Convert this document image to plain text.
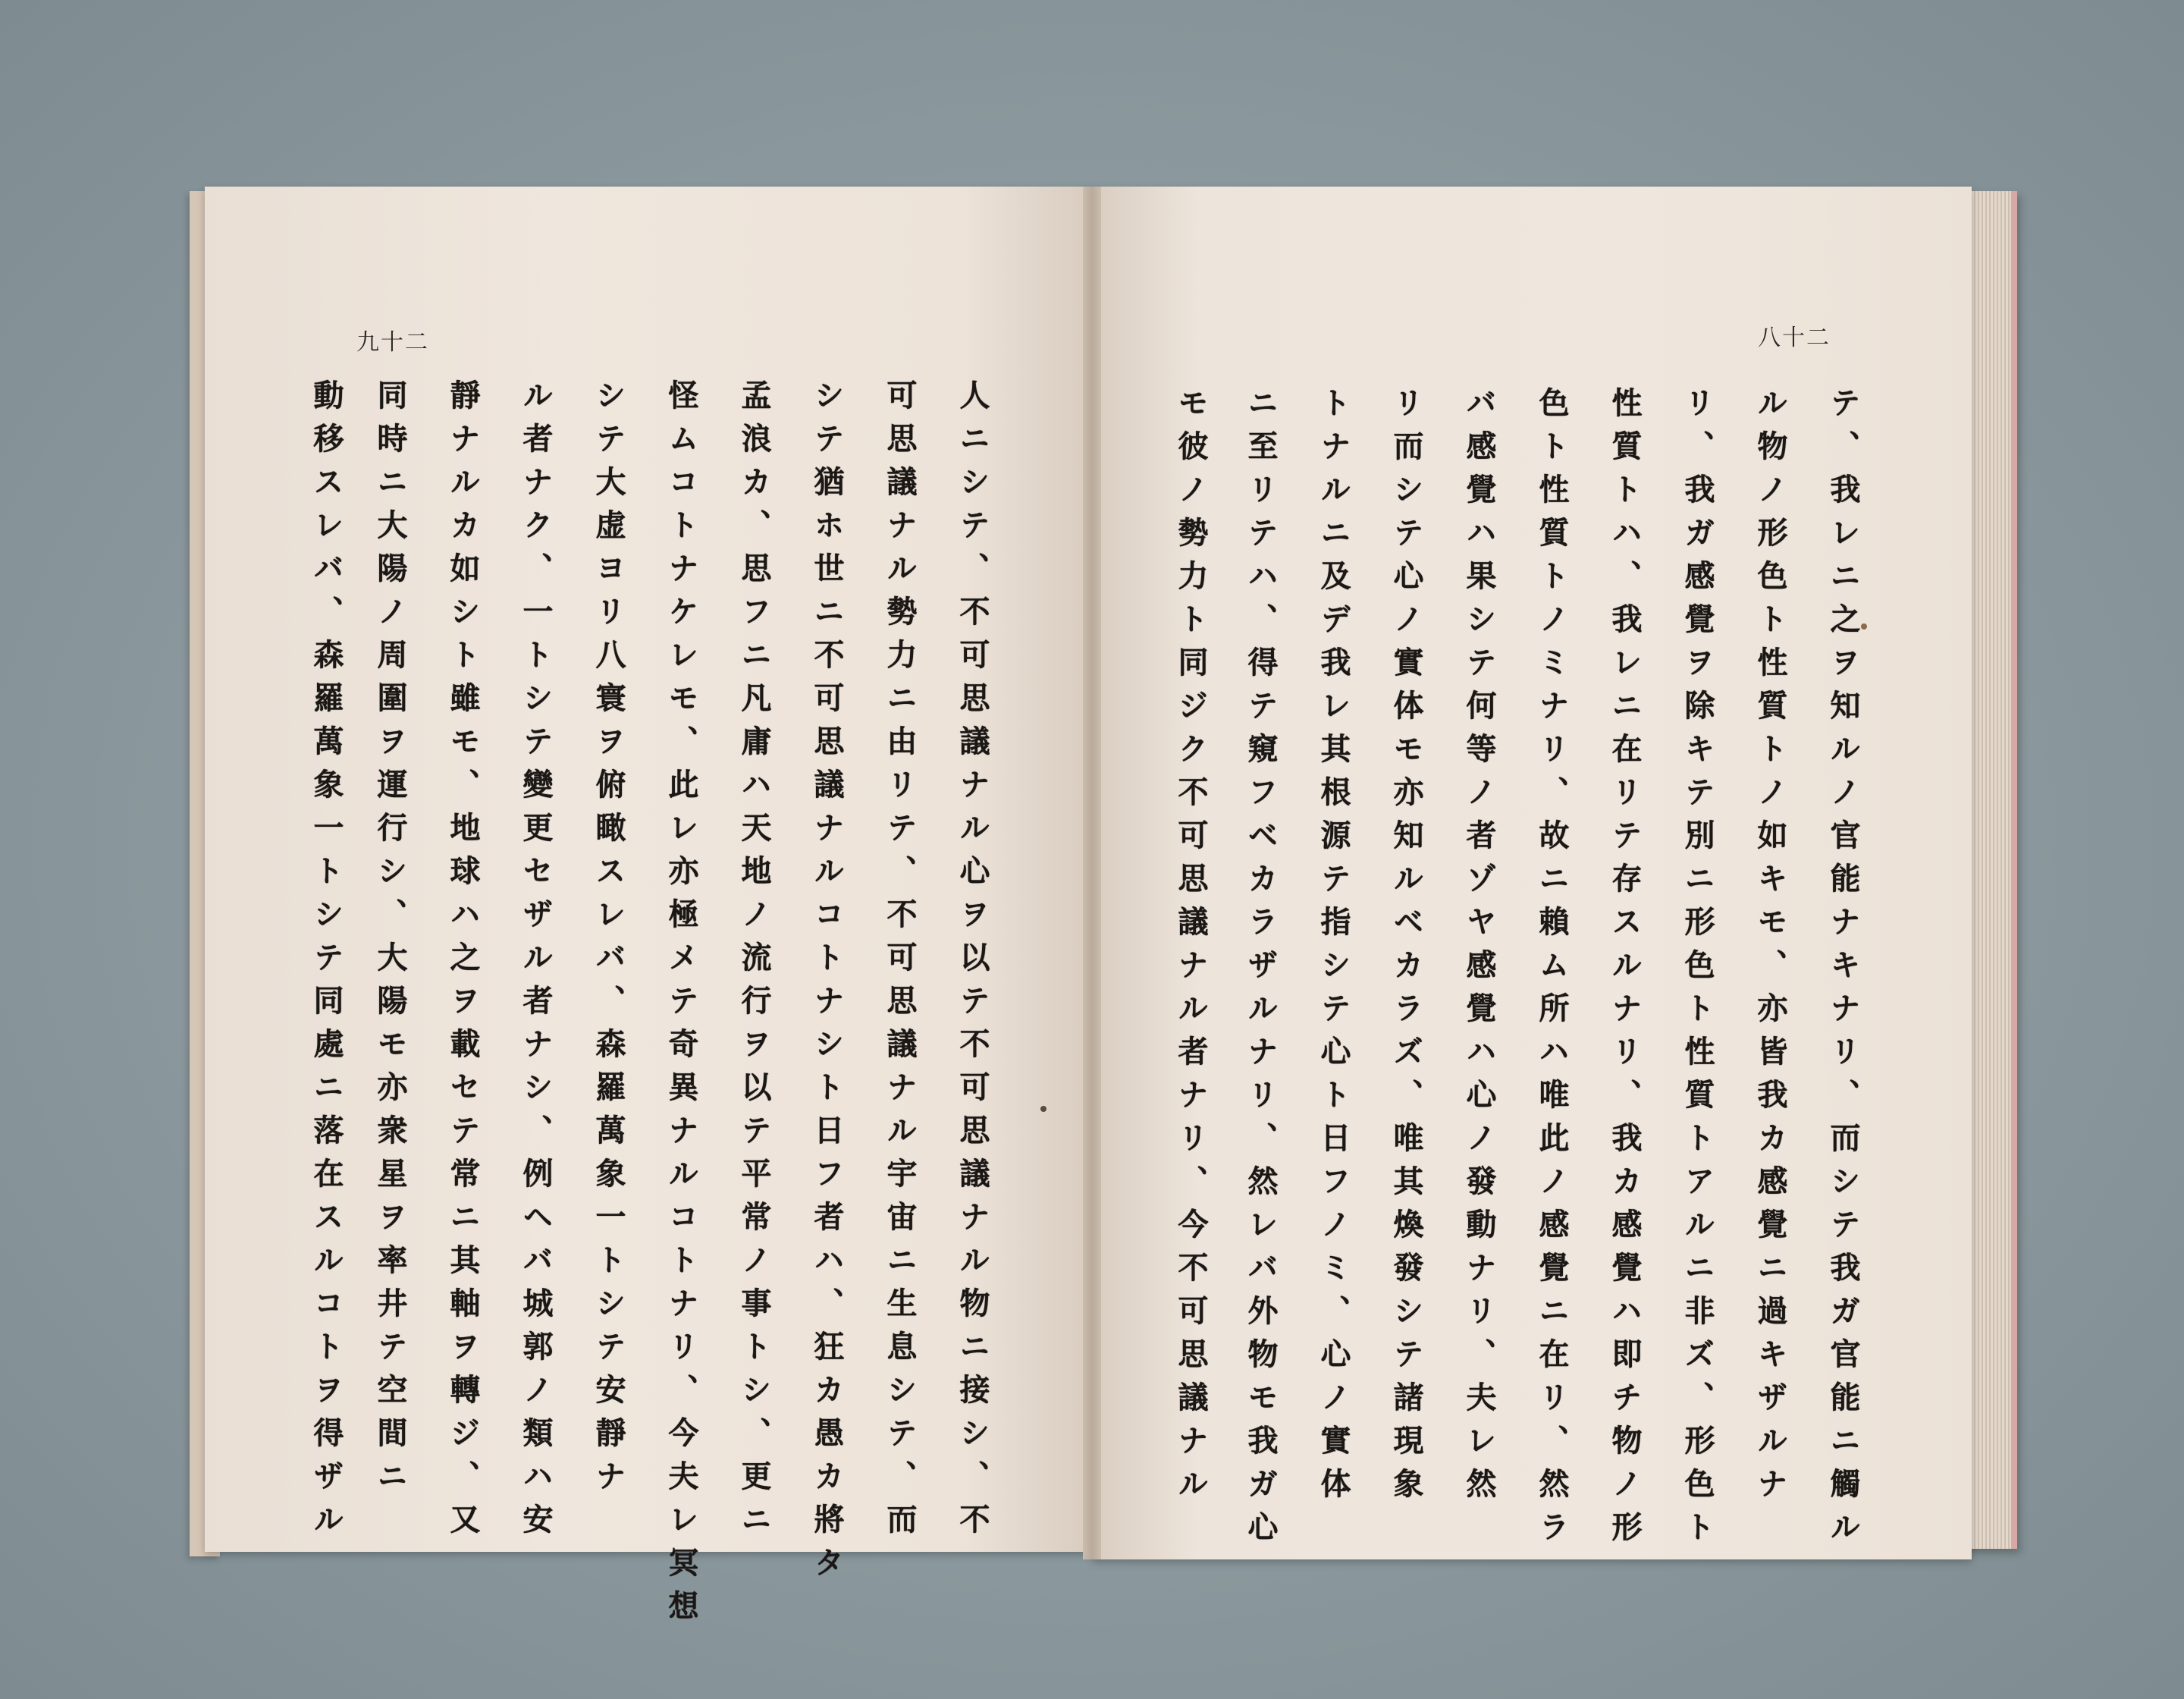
九十二	八十二
人ニシテ、不可思議ナル心ヲ以テ不可思議ナル物ニ接シ、不
可思議ナル勢力ニ由リテ、不可思議ナル宇宙ニ生息シテ、而
シテ猶ホ世ニ不可思議ナルコトナシト日フ者ハ、狂カ愚カ將タ
孟浪カ、思フニ凡庸ハ天地ノ流行ヲ以テ平常ノ事トシ、更ニ
怪ムコトナケレモ、此レ亦極メテ奇異ナルコトナリ、今夫レ冥想
シテ大虚ヨリ八寰ヲ俯瞰スレバ、森羅萬象一トシテ安靜ナ
ル者ナク、一トシテ變更セザル者ナシ、例ヘバ城郭ノ類ハ安
靜ナルカ如シト雖モ、地球ハ之ヲ載セテ常ニ其軸ヲ轉ジ、又
同時ニ大陽ノ周圍ヲ運行シ、大陽モ亦衆星ヲ率井テ空間ニ
動移スレバ、森羅萬象一トシテ同處ニ落在スルコトヲ得ザル	テ、我レニ之ヲ知ルノ官能ナキナリ、而シテ我ガ官能ニ觸ル
ル物ノ形色ト性質トノ如キモ、亦皆我カ感覺ニ過キザルナ
リ、我ガ感覺ヲ除キテ別ニ形色ト性質トアルニ非ズ、形色ト
性質トハ、我レニ在リテ存スルナリ、我カ感覺ハ即チ物ノ形
色ト性質トノミナリ、故ニ賴ム所ハ唯此ノ感覺ニ在リ、然ラ
バ感覺ハ果シテ何等ノ者ゾヤ感覺ハ心ノ發動ナリ、夫レ然
リ而シテ心ノ實体モ亦知ルベカラズ、唯其煥發シテ諸現象
トナルニ及デ我レ其根源テ指シテ心ト日フノミ、心ノ實体
ニ至リテハ、得テ窺フベカラザルナリ、然レバ外物モ我ガ心
モ彼ノ勢力ト同ジク不可思議ナル者ナリ、今不可思議ナル
